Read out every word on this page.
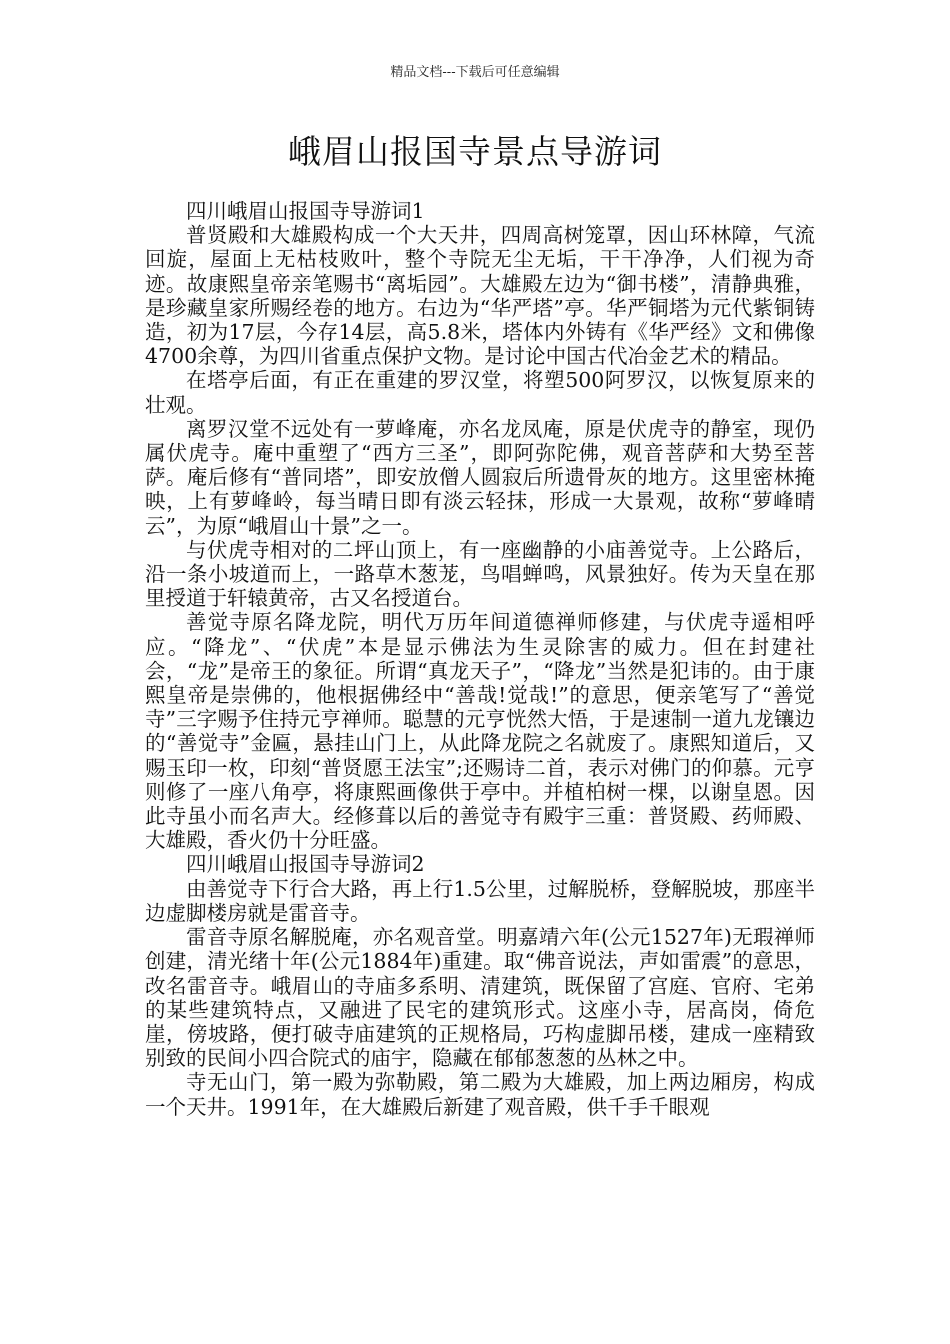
精品文档---下载后可任意编辑
峨眉山报国寺景点导游词

四川峨眉山报国寺导游词1

普贤殿和大雄殿构成一个大天井，四周高树笼罩，因山环林障，气流回旋，屋面上无枯枝败叶，整个寺院无尘无垢，干干净净，人们视为奇迹。故康熙皇帝亲笔赐书“离垢园”。大雄殿左边为“御书楼”，清静典雅，是珍藏皇家所赐经卷的地方。右边为“华严塔”亭。华严铜塔为元代紫铜铸造，初为17层，今存14层，高5.8米，塔体内外铸有《华严经》文和佛像4700余尊，为四川省重点保护文物。是讨论中国古代冶金艺术的精品。

在塔亭后面，有正在重建的罗汉堂，将塑500阿罗汉，以恢复原来的壮观。

离罗汉堂不远处有一萝峰庵，亦名龙凤庵，原是伏虎寺的静室，现仍属伏虎寺。庵中重塑了“西方三圣”，即阿弥陀佛，观音菩萨和大势至菩萨。庵后修有“普同塔”，即安放僧人圆寂后所遗骨灰的地方。这里密林掩映，上有萝峰岭，每当晴日即有淡云轻抹，形成一大景观，故称“萝峰晴云”，为原“峨眉山十景”之一。

与伏虎寺相对的二坪山顶上，有一座幽静的小庙善觉寺。上公路后，沿一条小坡道而上，一路草木葱茏，鸟唱蝉鸣，风景独好。传为天皇在那里授道于轩辕黄帝，古又名授道台。

善觉寺原名降龙院，明代万历年间道德禅师修建，与伏虎寺遥相呼应。“降龙”、“伏虎”本是显示佛法为生灵除害的威力。但在封建社会，“龙”是帝王的象征。所谓“真龙天子”，“降龙”当然是犯讳的。由于康熙皇帝是崇佛的，他根据佛经中“善哉!觉哉!”的意思，便亲笔写了“善觉寺”三字赐予住持元亨禅师。聪慧的元亨恍然大悟，于是速制一道九龙镶边的“善觉寺”金匾，悬挂山门上，从此降龙院之名就废了。康熙知道后，又赐玉印一枚，印刻“普贤愿王法宝”;还赐诗二首，表示对佛门的仰慕。元亨则修了一座八角亭，将康熙画像供于亭中。并植柏树一棵，以谢皇恩。因此寺虽小而名声大。经修葺以后的善觉寺有殿宇三重：普贤殿、药师殿、大雄殿，香火仍十分旺盛。

四川峨眉山报国寺导游词2

由善觉寺下行合大路，再上行1.5公里，过解脱桥，登解脱坡，那座半边虚脚楼房就是雷音寺。

雷音寺原名解脱庵，亦名观音堂。明嘉靖六年(公元1527年)无瑕禅师创建，清光绪十年(公元1884年)重建。取“佛音说法，声如雷震”的意思，改名雷音寺。峨眉山的寺庙多系明、清建筑，既保留了宫庭、官府、宅弟的某些建筑特点，又融进了民宅的建筑形式。这座小寺，居高岗，倚危崖，傍坡路，便打破寺庙建筑的正规格局，巧构虚脚吊楼，建成一座精致别致的民间小四合院式的庙宇，隐藏在郁郁葱葱的丛林之中。

寺无山门，第一殿为弥勒殿，第二殿为大雄殿，加上两边厢房，构成一个天井。1991年，在大雄殿后新建了观音殿，供千手千眼观
